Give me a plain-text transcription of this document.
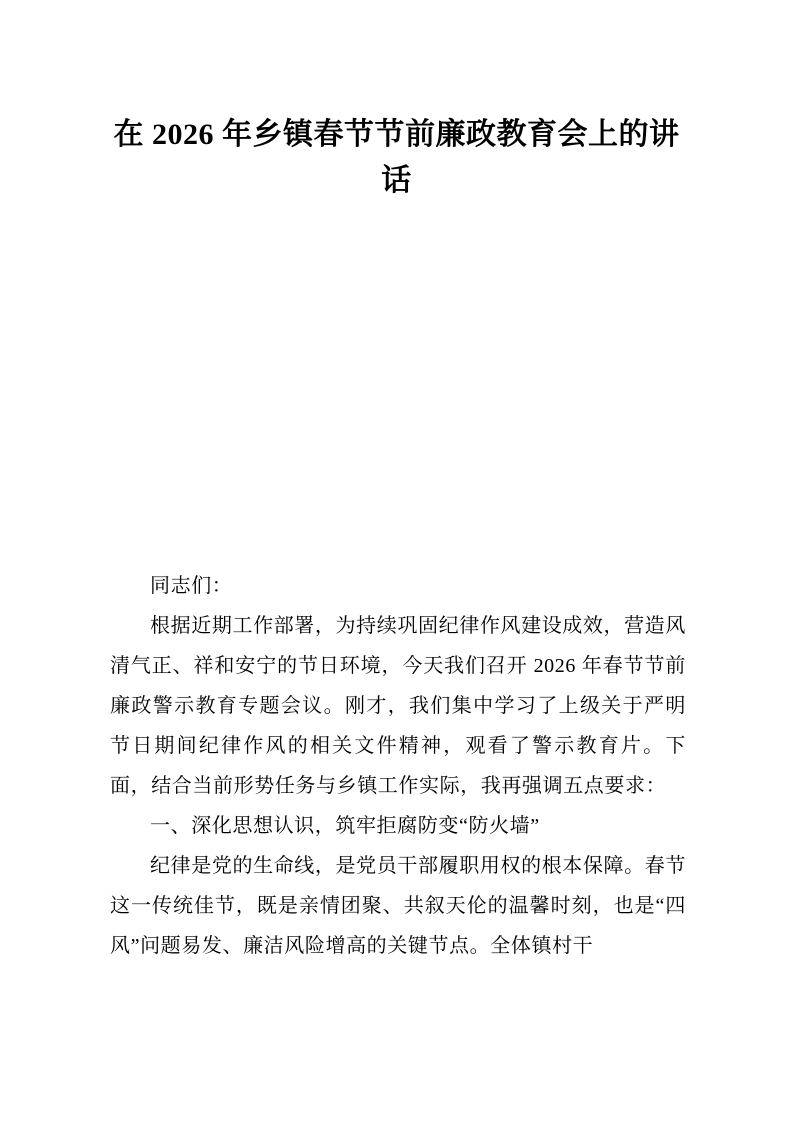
在 2026 年乡镇春节节前廉政教育会上的讲话

同志们：

根据近期工作部署，为持续巩固纪律作风建设成效，营造风清气正、祥和安宁的节日环境，今天我们召开 2026 年春节节前廉政警示教育专题会议。刚才，我们集中学习了上级关于严明节日期间纪律作风的相关文件精神，观看了警示教育片。下面，结合当前形势任务与乡镇工作实际，我再强调五点要求：

一、深化思想认识，筑牢拒腐防变“防火墙”

纪律是党的生命线，是党员干部履职用权的根本保障。春节这一传统佳节，既是亲情团聚、共叙天伦的温馨时刻，也是“四风”问题易发、廉洁风险增高的关键节点。全体镇村干
